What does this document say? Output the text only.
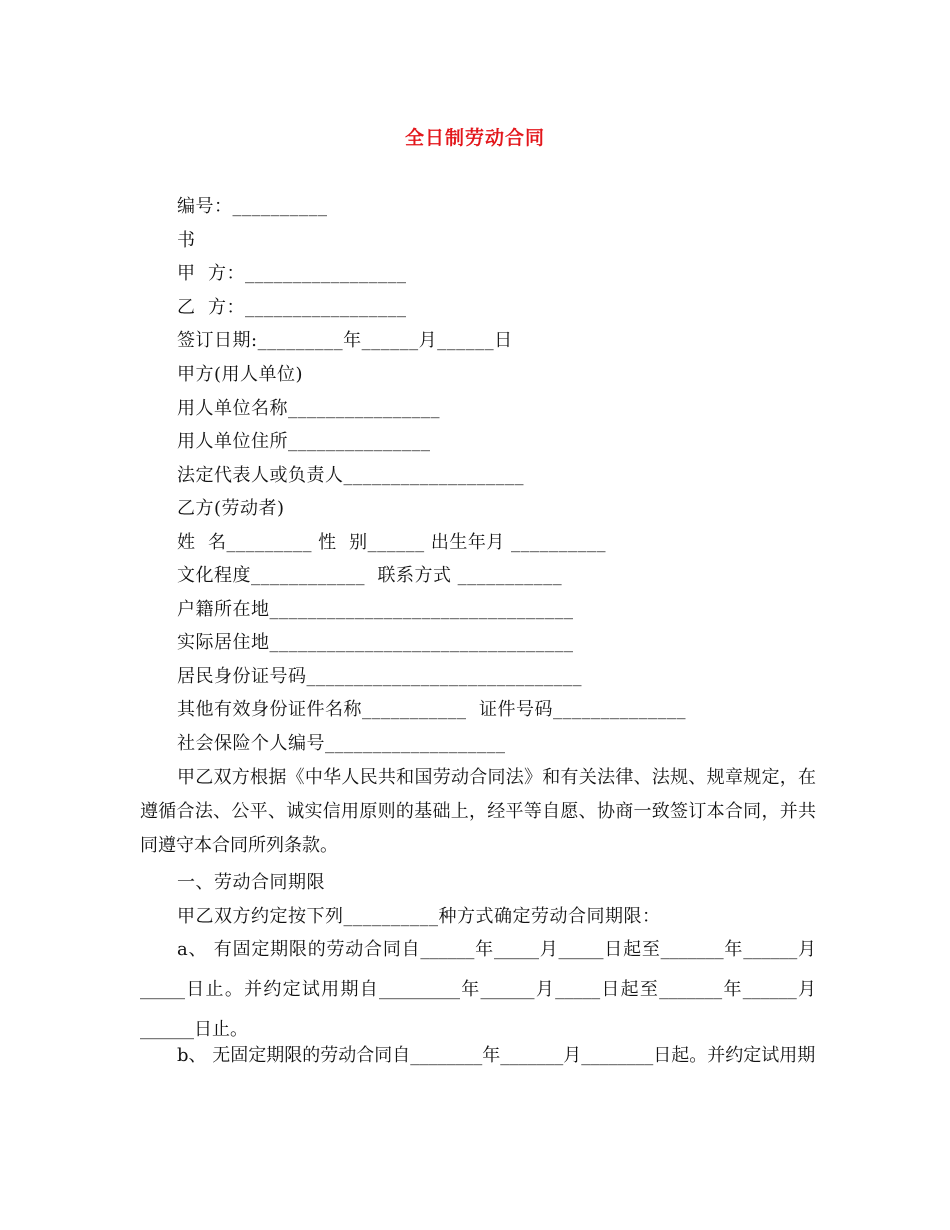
全日制劳动合同
编号：__________
书
甲  方：_________________
乙  方：_________________
签订日期:_________年______月______日
甲方(用人单位)
用人单位名称________________
用人单位住所_______________
法定代表人或负责人___________________
乙方(劳动者)
姓  名_________ 性  别______ 出生年月 __________
文化程度____________  联系方式 ___________
户籍所在地________________________________
实际居住地________________________________
居民身份证号码_____________________________
其他有效身份证件名称___________  证件号码______________
社会保险个人编号___________________
甲乙双方根据《中华人民共和国劳动合同法》和有关法律、法规、规章规定，在遵循合法、公平、诚实信用原则的基础上，经平等自愿、协商一致签订本合同，并共同遵守本合同所列条款。
一、劳动合同期限
甲乙双方约定按下列__________种方式确定劳动合同期限：
a、 有固定期限的劳动合同自______年_____月_____日起至_______年______月_____日止。并约定试用期自_________年______月_____日起至_______年______月______日止。
b、 无固定期限的劳动合同自________年_______月________日起。并约定试用期
